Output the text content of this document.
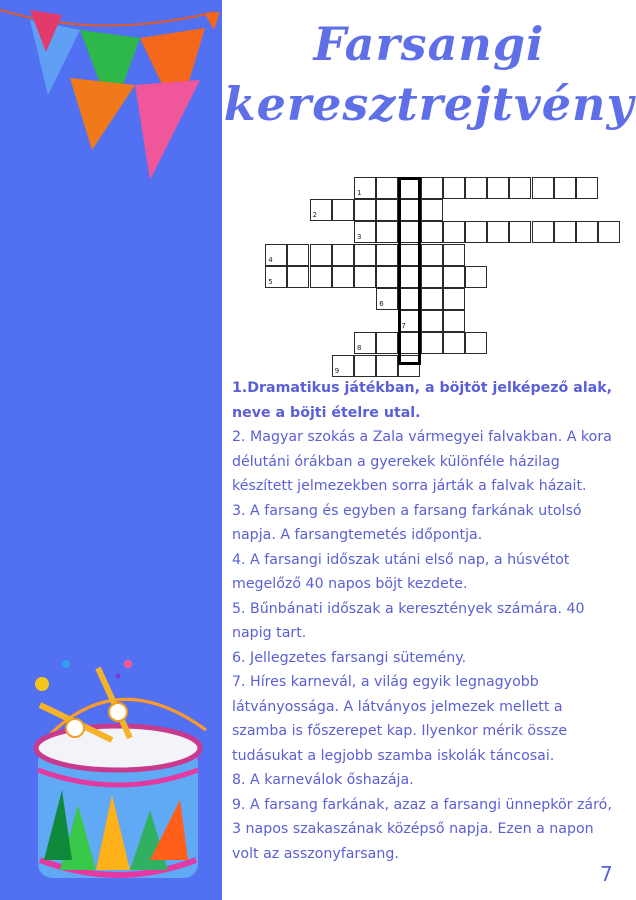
Farsangi
keresztrejtvény
1
2
3
4
5
6
7
8
9

1.Dramatikus játékban, a böjtöt jelképező alak, neve a böjti ételre utal.

2. Magyar szokás a Zala vármegyei falvakban. A kora délutáni órákban a gyerekek különféle házilag készített jelmezekben sorra járták a falvak házait.

3. A farsang és egyben a farsang farkának utolsó napja. A farsangtemetés időpontja.

4. A farsangi időszak utáni első nap, a húsvétot megelőző 40 napos böjt kezdete.

5. Bűnbánati időszak a keresztények számára. 40 napig tart.

6. Jellegzetes farsangi sütemény.

7. Híres karnevál, a világ egyik legnagyobb látványossága. A látványos jelmezek mellett a szamba is főszerepet kap. Ilyenkor mérik össze tudásukat a legjobb szamba iskolák táncosai.

8. A karneválok őshazája.

9. A farsang farkának, azaz a farsangi ünnepkör záró, 3 napos szakaszának középső napja. Ezen a napon volt az asszonyfarsang.

7
